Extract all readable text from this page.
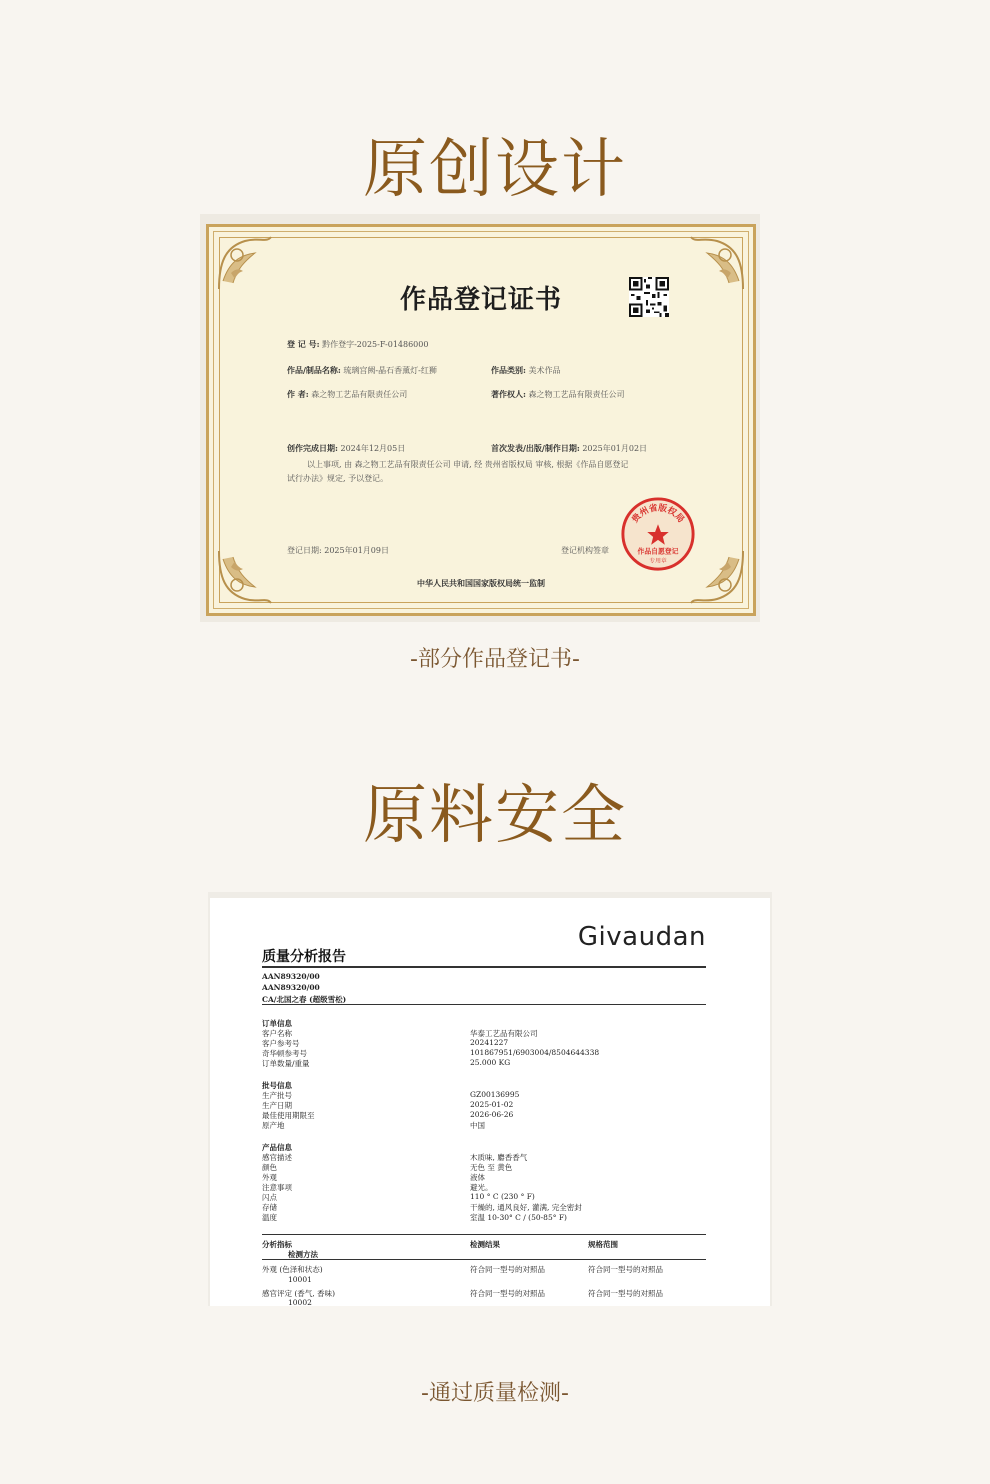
原创设计
作品登记证书
登 记 号: 黔作登字-2025-F-01486000
作品/制品名称: 琉璃宫阙-晶石香薰灯-红狮	作品类别: 美术作品
作 者: 森之物工艺品有限责任公司	著作权人: 森之物工艺品有限责任公司
创作完成日期: 2024年12月05日	首次发表/出版/制作日期: 2025年01月02日
以上事项, 由 森之物工艺品有限责任公司 申请, 经 贵州省版权局 审核, 根据《作品自愿登记
试行办法》规定, 予以登记。
登记日期: 2025年01月09日	登记机构签章
贵州省版权局
作品自愿登记
专用章
中华人民共和国国家版权局统一监制
-部分作品登记书-
原料安全
Givaudan
质量分析报告
AAN89320/00
AAN89320/00
CA/北国之春 (超级雪松)
订单信息
客户名称	华泰工艺品有限公司
客户参考号	20241227
奇华顿参考号	101867951/6903004/8504644338
订单数量/重量	25.000 KG
批号信息
生产批号	GZ00136995
生产日期	2025-01-02
最佳使用期限至	2026-06-26
原产地	中国
产品信息
感官描述	木质味, 麝香香气
颜色	无色 至 黄色
外观	液体
注意事项	避光。
闪点	110 ° C (230 ° F)
存储	干燥的, 通风良好, 灌满, 完全密封
温度	室温 10-30° C / (50-85° F)
分析指标	检测结果	规格范围
检测方法
外观 (色泽和状态)	符合同一型号的对照品	符合同一型号的对照品
10001
感官评定 (香气, 香味)	符合同一型号的对照品	符合同一型号的对照品
10002
-通过质量检测-
